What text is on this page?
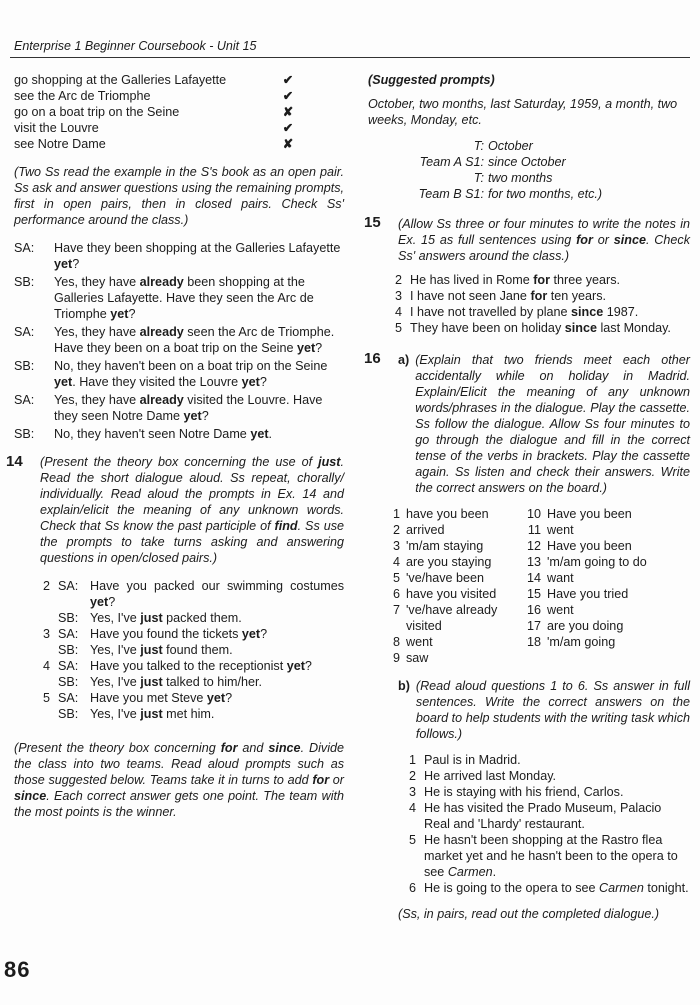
Enterprise 1 Beginner Coursebook - Unit 15
go shopping at the Galleries Lafayette	✔
see the Arc de Triomphe	✔
go on a boat trip on the Seine	✘
visit the Louvre	✔
see Notre Dame	✘

(Two Ss read the example in the S's book as an open pair. Ss ask and answer questions using the remaining prompts, first in open pairs, then in closed pairs. Check Ss' performance around the class.)

SA:	Have they been shopping at the Galleries Lafayette yet?
SB:	Yes, they have already been shopping at the Galleries Lafayette. Have they seen the Arc de Triomphe yet?
SA:	Yes, they have already seen the Arc de Triomphe. Have they been on a boat trip on the Seine yet?
SB:	No, they haven't been on a boat trip on the Seine yet. Have they visited the Louvre yet?
SA:	Yes, they have already visited the Louvre. Have they seen Notre Dame yet?
SB:	No, they haven't seen Notre Dame yet.
14 (Present the theory box concerning the use of just. Read the short dialogue aloud. Ss repeat, chorally/ individually. Read aloud the prompts in Ex. 14 and explain/elicit the meaning of any unknown words. Check that Ss know the past participle of find. Ss use the prompts to take turns asking and answering questions in open/closed pairs.)

2 SA: Have you packed our swimming costumes yet?
SB: Yes, I've just packed them.
3 SA: Have you found the tickets yet?
SB: Yes, I've just found them.
4 SA: Have you talked to the receptionist yet?
SB: Yes, I've just talked to him/her.
5 SA: Have you met Steve yet?
SB: Yes, I've just met him.

(Present the theory box concerning for and since. Divide the class into two teams. Read aloud prompts such as those suggested below. Teams take it in turns to add for or since. Each correct answer gets one point. The team with the most points is the winner.

(Suggested prompts)

October, two months, last Saturday, 1959, a month, two weeks, Monday, etc.

T: October
Team A S1: since October
T: two months
Team B S1: for two months, etc.)
15 (Allow Ss three or four minutes to write the notes in Ex. 15 as full sentences using for or since. Check Ss' answers around the class.)

2 He has lived in Rome for three years.
3 I have not seen Jane for ten years.
4 I have not travelled by plane since 1987.
5 They have been on holiday since last Monday.
16 a) (Explain that two friends meet each other accidentally while on holiday in Madrid. Explain/Elicit the meaning of any unknown words/phrases in the dialogue. Play the cassette. Ss follow the dialogue. Allow Ss four minutes to go through the dialogue and fill in the correct tense of the verbs in brackets. Play the cassette again. Ss listen and check their answers. Write the correct answers on the board.)

1 have you been
2 arrived
3 'm/am staying
4 are you staying
5 've/have been
6 have you visited
7 've/have already visited
8 went
9 saw
10 Have you been
11 went
12 Have you been
13 'm/am going to do
14 want
15 Have you tried
16 went
17 are you doing
18 'm/am going
b) (Read aloud questions 1 to 6. Ss answer in full sentences. Write the correct answers on the board to help students with the writing task which follows.)

1 Paul is in Madrid.
2 He arrived last Monday.
3 He is staying with his friend, Carlos.
4 He has visited the Prado Museum, Palacio Real and 'Lhardy' restaurant.
5 He hasn't been shopping at the Rastro flea market yet and he hasn't been to the opera to see Carmen.
6 He is going to the opera to see Carmen tonight.

(Ss, in pairs, read out the completed dialogue.)

86
